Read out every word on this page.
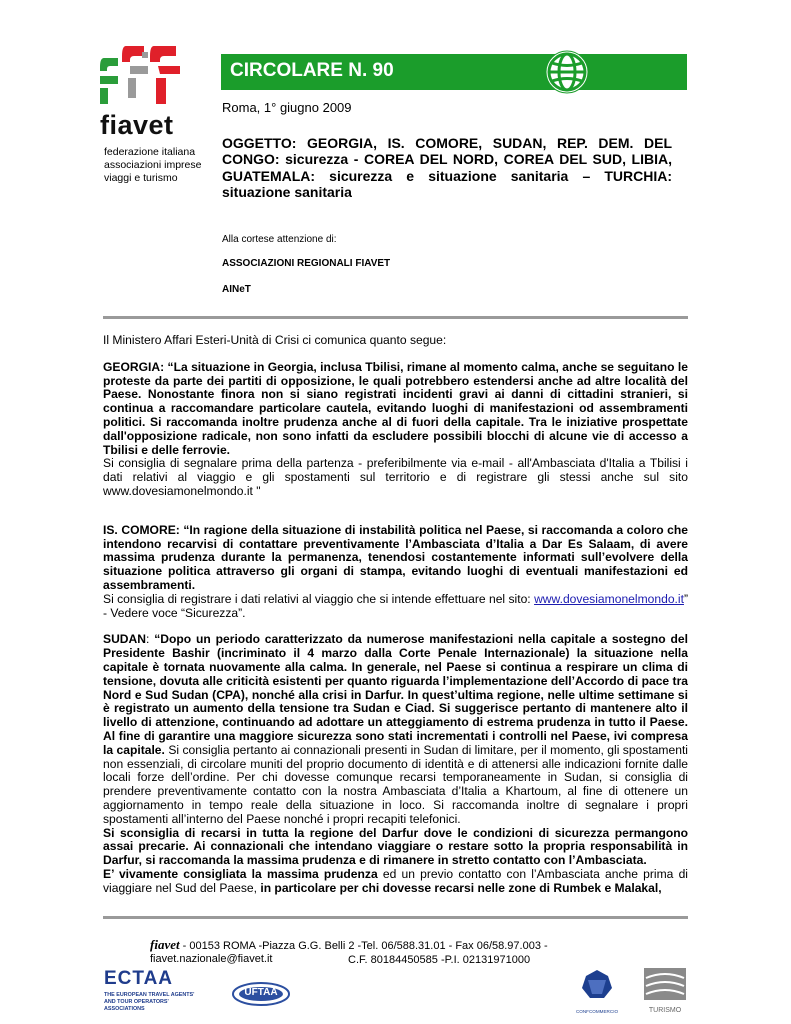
fiavet
federazione italiana
associazioni imprese
viaggi e turismo
CIRCOLARE N. 90
Roma, 1° giugno 2009

OGGETTO: GEORGIA, IS. COMORE, SUDAN, REP. DEM. DEL CONGO: sicurezza - COREA DEL NORD, COREA DEL SUD, LIBIA, GUATEMALA: sicurezza e situazione sanitaria – TURCHIA: situazione sanitaria

Alla cortese attenzione di:
ASSOCIAZIONI REGIONALI FIAVET
AINeT

Il Ministero Affari Esteri-Unità di Crisi ci comunica quanto segue:

GEORGIA: “La situazione in Georgia, inclusa Tbilisi, rimane al momento calma, anche se seguitano le proteste da parte dei partiti di opposizione, le quali potrebbero estendersi anche ad altre località del Paese. Nonostante finora non si siano registrati incidenti gravi ai danni di cittadini stranieri, si continua a raccomandare particolare cautela, evitando luoghi di manifestazioni od assembramenti politici. Si raccomanda inoltre prudenza anche al di fuori della capitale. Tra le iniziative prospettate dall'opposizione radicale, non sono infatti da escludere possibili blocchi di alcune vie di accesso a Tbilisi e delle ferrovie.

Si consiglia di segnalare prima della partenza - preferibilmente via e-mail - all'Ambasciata d'Italia a Tbilisi i dati relativi al viaggio e gli spostamenti sul territorio e di registrare gli stessi anche sul sito www.dovesiamonelmondo.it "

IS. COMORE: “In ragione della situazione di instabilità politica nel Paese, si raccomanda a coloro che intendono recarvisi di contattare preventivamente l’Ambasciata d’Italia a Dar Es Salaam, di avere massima prudenza durante la permanenza, tenendosi costantemente informati sull’evolvere della situazione politica attraverso gli organi di stampa, evitando luoghi di eventuali manifestazioni ed assembramenti.

Si consiglia di registrare i dati relativi al viaggio che si intende effettuare nel sito: www.dovesiamonelmondo.it” - Vedere voce “Sicurezza”.

SUDAN: “Dopo un periodo caratterizzato da numerose manifestazioni nella capitale a sostegno del Presidente Bashir (incriminato il 4 marzo dalla Corte Penale Internazionale) la situazione nella capitale è tornata nuovamente alla calma. In generale, nel Paese si continua a respirare un clima di tensione, dovuta alle criticità esistenti per quanto riguarda l’implementazione dell’Accordo di pace tra Nord e Sud Sudan (CPA), nonché alla crisi in Darfur. In quest’ultima regione, nelle ultime settimane si è registrato un aumento della tensione tra Sudan e Ciad. Si suggerisce pertanto di mantenere alto il livello di attenzione, continuando ad adottare un atteggiamento di estrema prudenza in tutto il Paese. Al fine di garantire una maggiore sicurezza sono stati incrementati i controlli nel Paese, ivi compresa la capitale. Si consiglia pertanto ai connazionali presenti in Sudan di limitare, per il momento, gli spostamenti non essenziali, di circolare muniti del proprio documento di identità e di attenersi alle indicazioni fornite dalle locali forze dell’ordine. Per chi dovesse comunque recarsi temporaneamente in Sudan, si consiglia di prendere preventivamente contatto con la nostra Ambasciata d’Italia a Khartoum, al fine di ottenere un aggiornamento in tempo reale della situazione in loco. Si raccomanda inoltre di segnalare i propri spostamenti all’interno del Paese nonché i propri recapiti telefonici.

Si sconsiglia di recarsi in tutta la regione del Darfur dove le condizioni di sicurezza permangono assai precarie. Ai connazionali che intendano viaggiare o restare sotto la propria responsabilità in Darfur, si raccomanda la massima prudenza e di rimanere in stretto contatto con l’Ambasciata.

E’ vivamente consigliata la massima prudenza ed un previo contatto con l’Ambasciata anche prima di viaggiare nel Sud del Paese, in particolare per chi dovesse recarsi nelle zone di Rumbek e Malakal,

fiavet - 00153 ROMA -Piazza G.G. Belli 2 -Tel. 06/588.31.01 - Fax 06/58.97.003 - fiavet.nazionale@fiavet.it	C.F. 80184450585 -P.I. 02131971000
ECTAA
THE EUROPEAN TRAVEL AGENTS'
AND TOUR OPERATORS' ASSOCIATIONS
UFTAA
CONFCOMMERCIO	TURISMO
